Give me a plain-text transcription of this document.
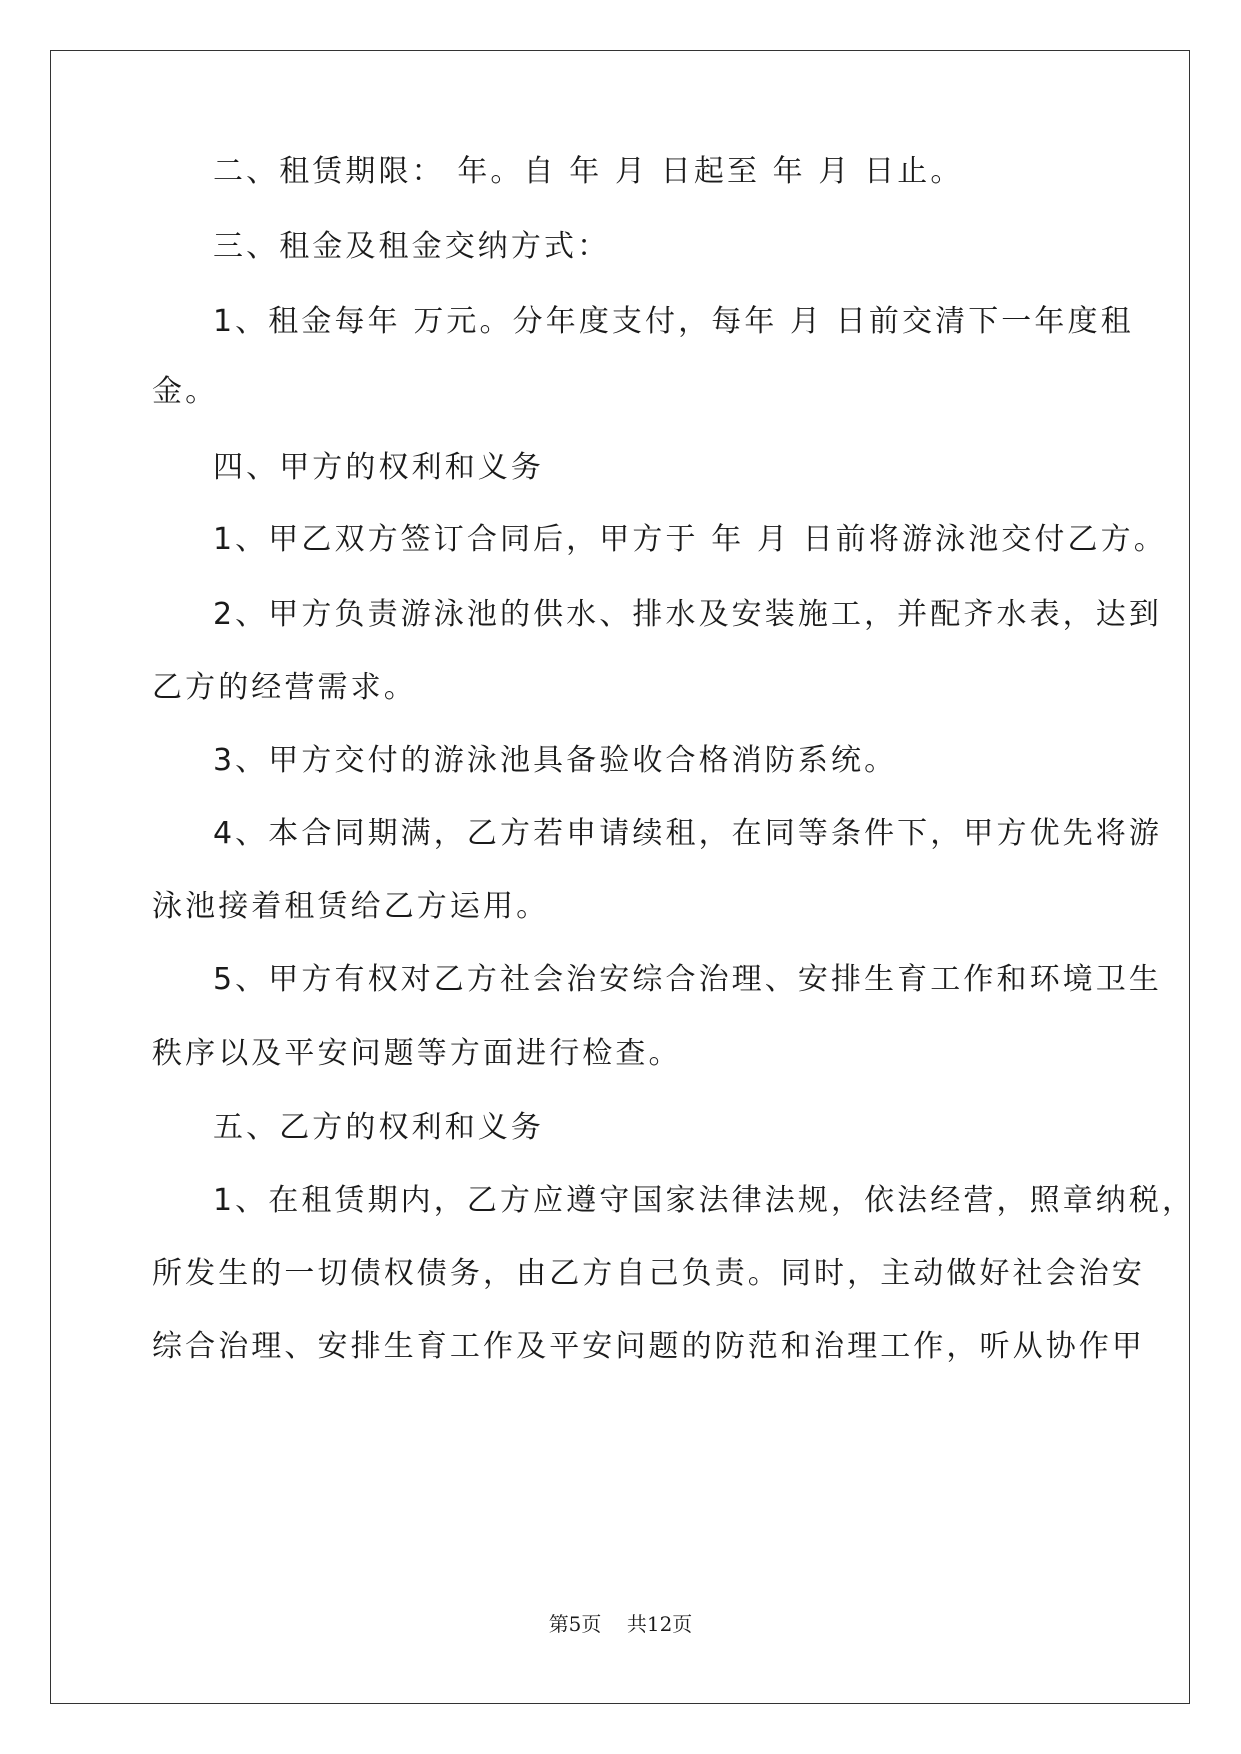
二、租赁期限： 年。自 年 月 日起至 年 月 日止。
三、租金及租金交纳方式：
1、租金每年 万元。分年度支付，每年 月 日前交清下一年度租
金。
四、甲方的权利和义务
1、甲乙双方签订合同后，甲方于 年 月 日前将游泳池交付乙方。
2、甲方负责游泳池的供水、排水及安装施工，并配齐水表，达到
乙方的经营需求。
3、甲方交付的游泳池具备验收合格消防系统。
4、本合同期满，乙方若申请续租，在同等条件下，甲方优先将游
泳池接着租赁给乙方运用。
5、甲方有权对乙方社会治安综合治理、安排生育工作和环境卫生
秩序以及平安问题等方面进行检查。
五、乙方的权利和义务
1、在租赁期内，乙方应遵守国家法律法规，依法经营，照章纳税，
所发生的一切债权债务，由乙方自己负责。同时，主动做好社会治安
综合治理、安排生育工作及平安问题的防范和治理工作，听从协作甲
第5页 共12页
